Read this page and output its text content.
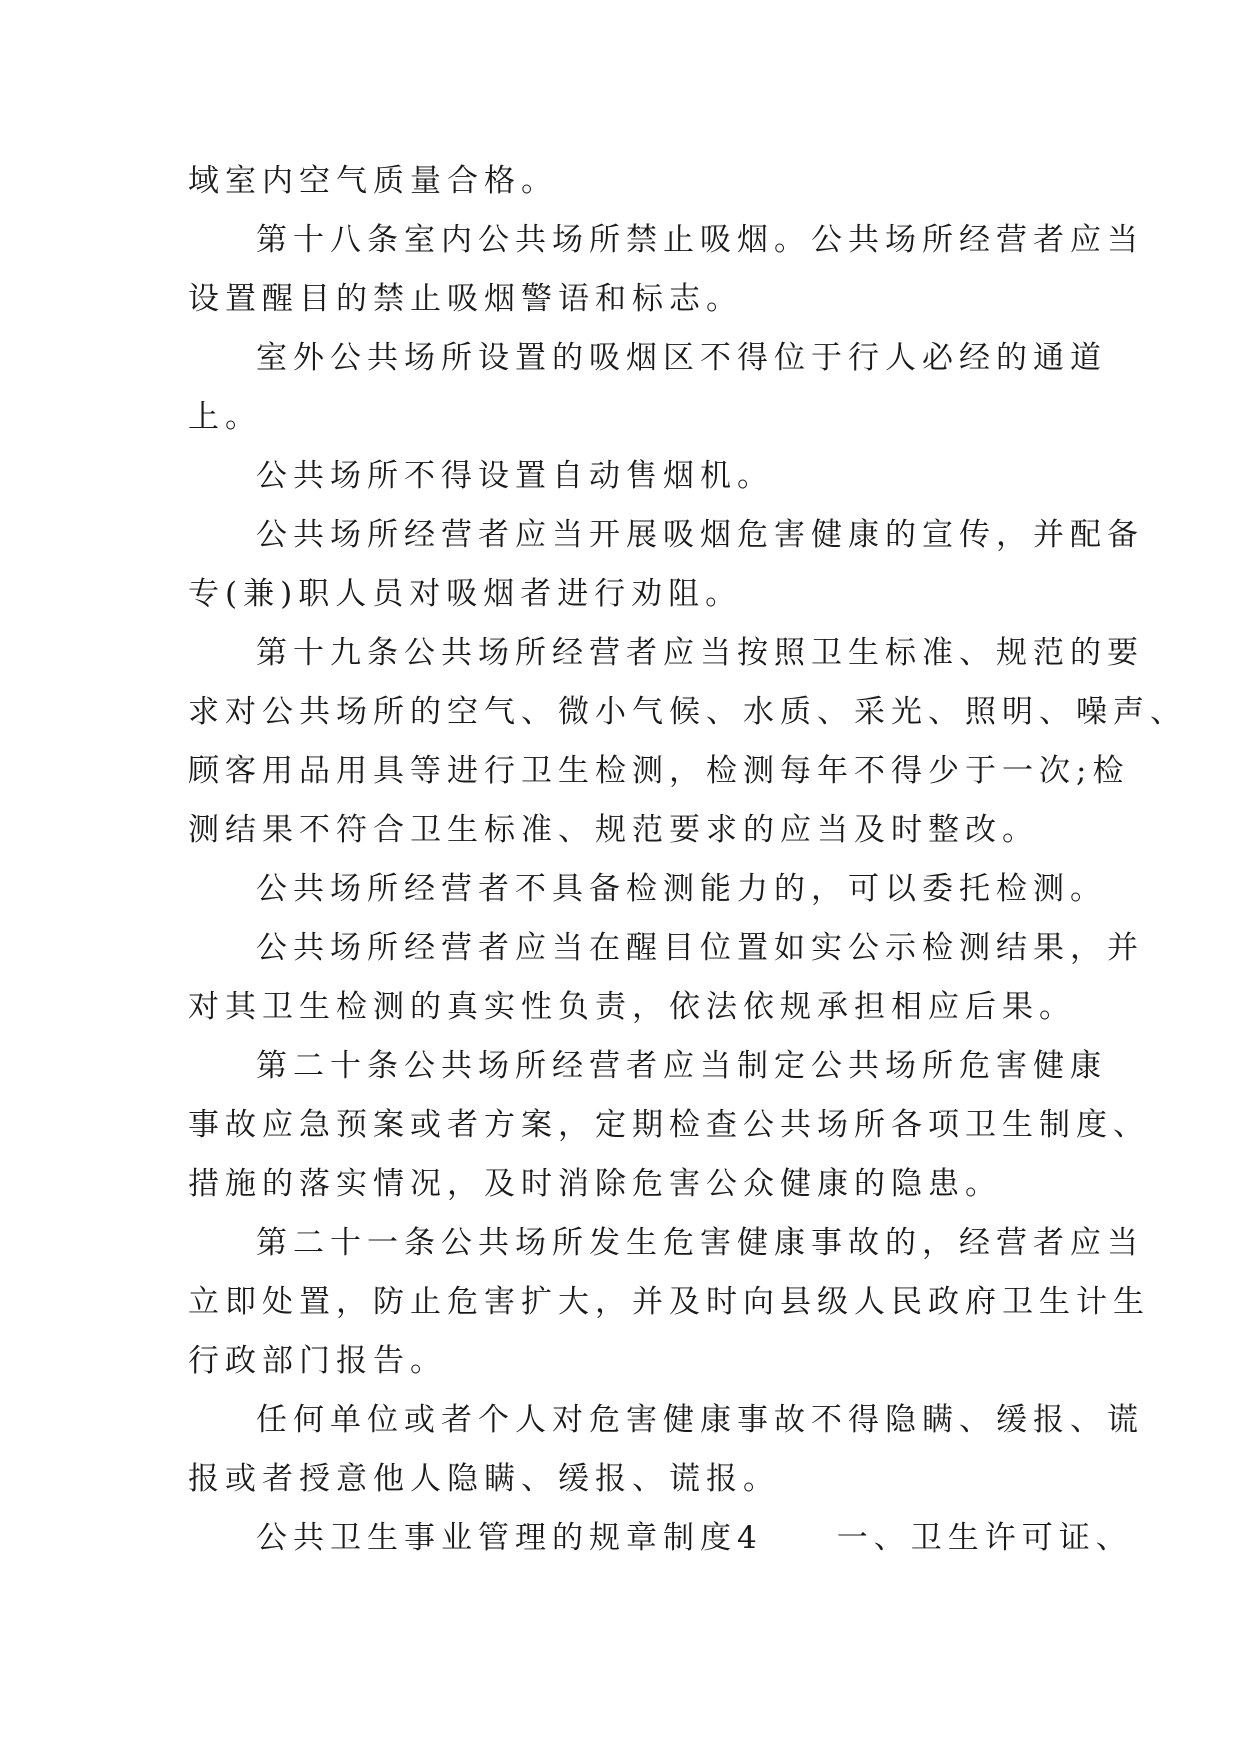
域室内空气质量合格。
第十八条室内公共场所禁止吸烟。公共场所经营者应当
设置醒目的禁止吸烟警语和标志。
室外公共场所设置的吸烟区不得位于行人必经的通道
上。
公共场所不得设置自动售烟机。
公共场所经营者应当开展吸烟危害健康的宣传，并配备
专(兼)职人员对吸烟者进行劝阻。
第十九条公共场所经营者应当按照卫生标准、规范的要
求对公共场所的空气、微小气候、水质、采光、照明、噪声、
顾客用品用具等进行卫生检测，检测每年不得少于一次;检
测结果不符合卫生标准、规范要求的应当及时整改。
公共场所经营者不具备检测能力的，可以委托检测。
公共场所经营者应当在醒目位置如实公示检测结果，并
对其卫生检测的真实性负责，依法依规承担相应后果。
第二十条公共场所经营者应当制定公共场所危害健康
事故应急预案或者方案，定期检查公共场所各项卫生制度、
措施的落实情况，及时消除危害公众健康的隐患。
第二十一条公共场所发生危害健康事故的，经营者应当
立即处置，防止危害扩大，并及时向县级人民政府卫生计生
行政部门报告。
任何单位或者个人对危害健康事故不得隐瞒、缓报、谎
报或者授意他人隐瞒、缓报、谎报。
公共卫生事业管理的规章制度4　　一、卫生许可证、
